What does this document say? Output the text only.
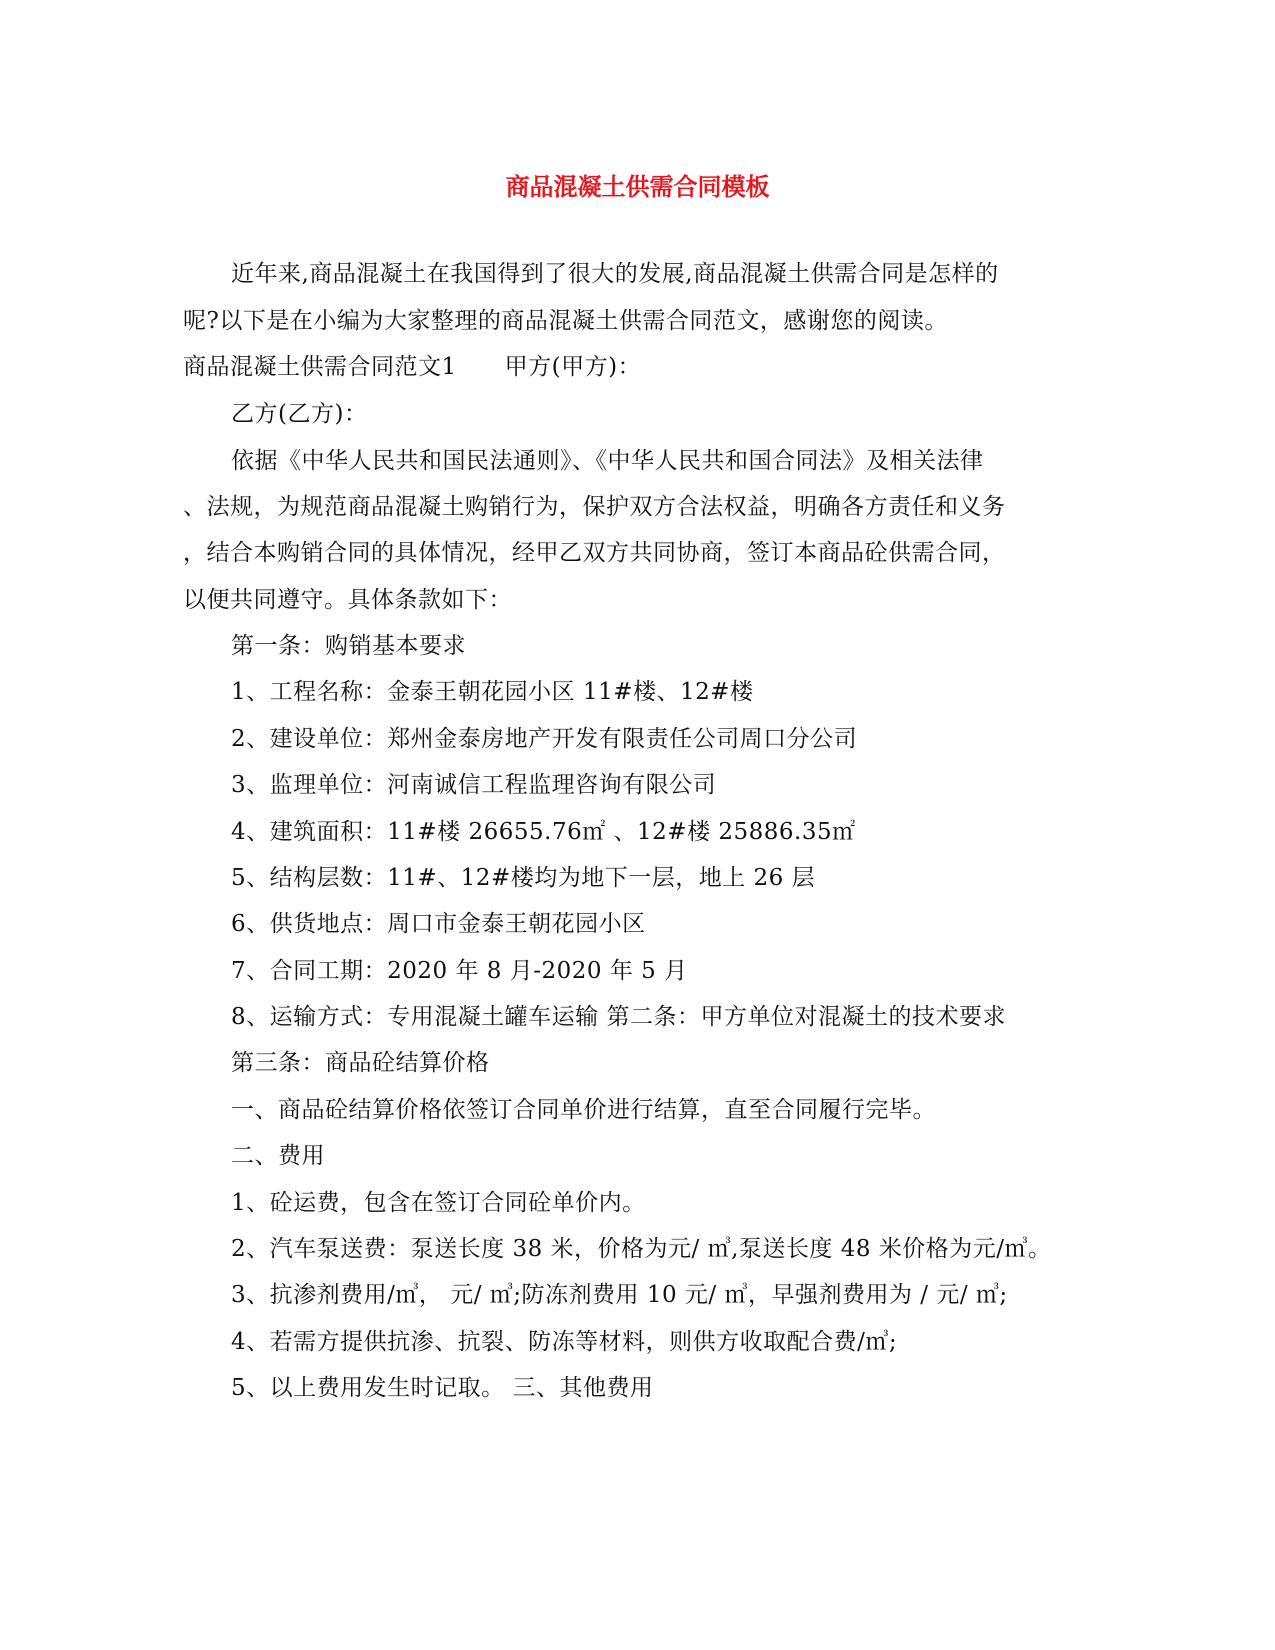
商品混凝土供需合同模板
近年来,商品混凝土在我国得到了很大的发展,商品混凝土供需合同是怎样的
呢?以下是在小编为大家整理的商品混凝土供需合同范文，感谢您的阅读。
商品混凝土供需合同范文1 甲方(甲方)：
乙方(乙方)：
依据《中华人民共和国民法通则》、《中华人民共和国合同法》及相关法律
、法规，为规范商品混凝土购销行为，保护双方合法权益，明确各方责任和义务
，结合本购销合同的具体情况，经甲乙双方共同协商，签订本商品砼供需合同，
以便共同遵守。具体条款如下：
第一条：购销基本要求
1、工程名称：金泰王朝花园小区 11#楼、12#楼
2、建设单位：郑州金泰房地产开发有限责任公司周口分公司
3、监理单位：河南诚信工程监理咨询有限公司
4、建筑面积：11#楼 26655.76㎡ 、12#楼 25886.35㎡
5、结构层数：11#、12#楼均为地下一层，地上 26 层
6、供货地点：周口市金泰王朝花园小区
7、合同工期：2020 年 8 月-2020 年 5 月
8、运输方式：专用混凝土罐车运输 第二条：甲方单位对混凝土的技术要求
第三条：商品砼结算价格
一、商品砼结算价格依签订合同单价进行结算，直至合同履行完毕。
二、费用
1、砼运费，包含在签订合同砼单价内。
2、汽车泵送费：泵送长度 38 米，价格为元/ ㎥,泵送长度 48 米价格为元/㎥。
3、抗渗剂费用/㎥， 元/ ㎥;防冻剂费用 10 元/ ㎥，早强剂费用为 / 元/ ㎥;
4、若需方提供抗渗、抗裂、防冻等材料，则供方收取配合费/㎥;
5、以上费用发生时记取。 三、其他费用
